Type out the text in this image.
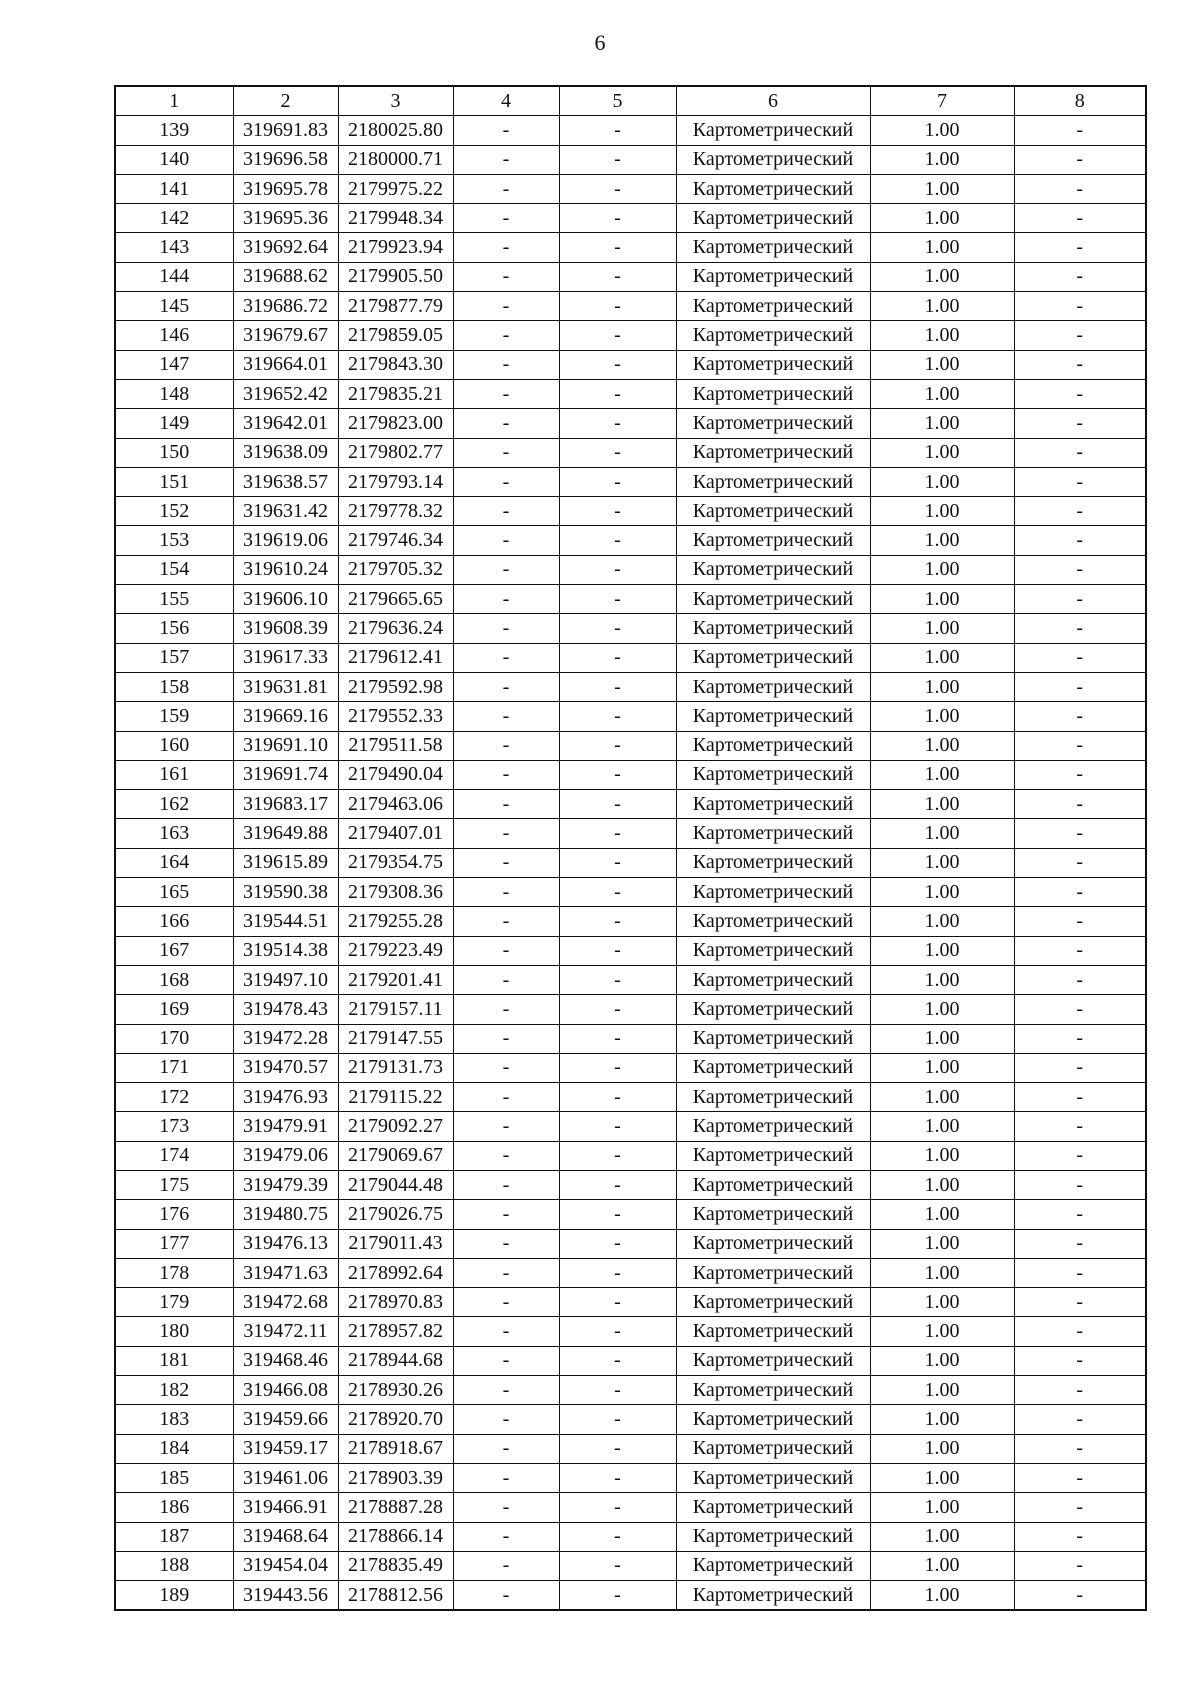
6
1	2	3	4	5	6	7	8
139	319691.83	2180025.80	-	-	Картометрический	1.00	-
140	319696.58	2180000.71	-	-	Картометрический	1.00	-
141	319695.78	2179975.22	-	-	Картометрический	1.00	-
142	319695.36	2179948.34	-	-	Картометрический	1.00	-
143	319692.64	2179923.94	-	-	Картометрический	1.00	-
144	319688.62	2179905.50	-	-	Картометрический	1.00	-
145	319686.72	2179877.79	-	-	Картометрический	1.00	-
146	319679.67	2179859.05	-	-	Картометрический	1.00	-
147	319664.01	2179843.30	-	-	Картометрический	1.00	-
148	319652.42	2179835.21	-	-	Картометрический	1.00	-
149	319642.01	2179823.00	-	-	Картометрический	1.00	-
150	319638.09	2179802.77	-	-	Картометрический	1.00	-
151	319638.57	2179793.14	-	-	Картометрический	1.00	-
152	319631.42	2179778.32	-	-	Картометрический	1.00	-
153	319619.06	2179746.34	-	-	Картометрический	1.00	-
154	319610.24	2179705.32	-	-	Картометрический	1.00	-
155	319606.10	2179665.65	-	-	Картометрический	1.00	-
156	319608.39	2179636.24	-	-	Картометрический	1.00	-
157	319617.33	2179612.41	-	-	Картометрический	1.00	-
158	319631.81	2179592.98	-	-	Картометрический	1.00	-
159	319669.16	2179552.33	-	-	Картометрический	1.00	-
160	319691.10	2179511.58	-	-	Картометрический	1.00	-
161	319691.74	2179490.04	-	-	Картометрический	1.00	-
162	319683.17	2179463.06	-	-	Картометрический	1.00	-
163	319649.88	2179407.01	-	-	Картометрический	1.00	-
164	319615.89	2179354.75	-	-	Картометрический	1.00	-
165	319590.38	2179308.36	-	-	Картометрический	1.00	-
166	319544.51	2179255.28	-	-	Картометрический	1.00	-
167	319514.38	2179223.49	-	-	Картометрический	1.00	-
168	319497.10	2179201.41	-	-	Картометрический	1.00	-
169	319478.43	2179157.11	-	-	Картометрический	1.00	-
170	319472.28	2179147.55	-	-	Картометрический	1.00	-
171	319470.57	2179131.73	-	-	Картометрический	1.00	-
172	319476.93	2179115.22	-	-	Картометрический	1.00	-
173	319479.91	2179092.27	-	-	Картометрический	1.00	-
174	319479.06	2179069.67	-	-	Картометрический	1.00	-
175	319479.39	2179044.48	-	-	Картометрический	1.00	-
176	319480.75	2179026.75	-	-	Картометрический	1.00	-
177	319476.13	2179011.43	-	-	Картометрический	1.00	-
178	319471.63	2178992.64	-	-	Картометрический	1.00	-
179	319472.68	2178970.83	-	-	Картометрический	1.00	-
180	319472.11	2178957.82	-	-	Картометрический	1.00	-
181	319468.46	2178944.68	-	-	Картометрический	1.00	-
182	319466.08	2178930.26	-	-	Картометрический	1.00	-
183	319459.66	2178920.70	-	-	Картометрический	1.00	-
184	319459.17	2178918.67	-	-	Картометрический	1.00	-
185	319461.06	2178903.39	-	-	Картометрический	1.00	-
186	319466.91	2178887.28	-	-	Картометрический	1.00	-
187	319468.64	2178866.14	-	-	Картометрический	1.00	-
188	319454.04	2178835.49	-	-	Картометрический	1.00	-
189	319443.56	2178812.56	-	-	Картометрический	1.00	-
